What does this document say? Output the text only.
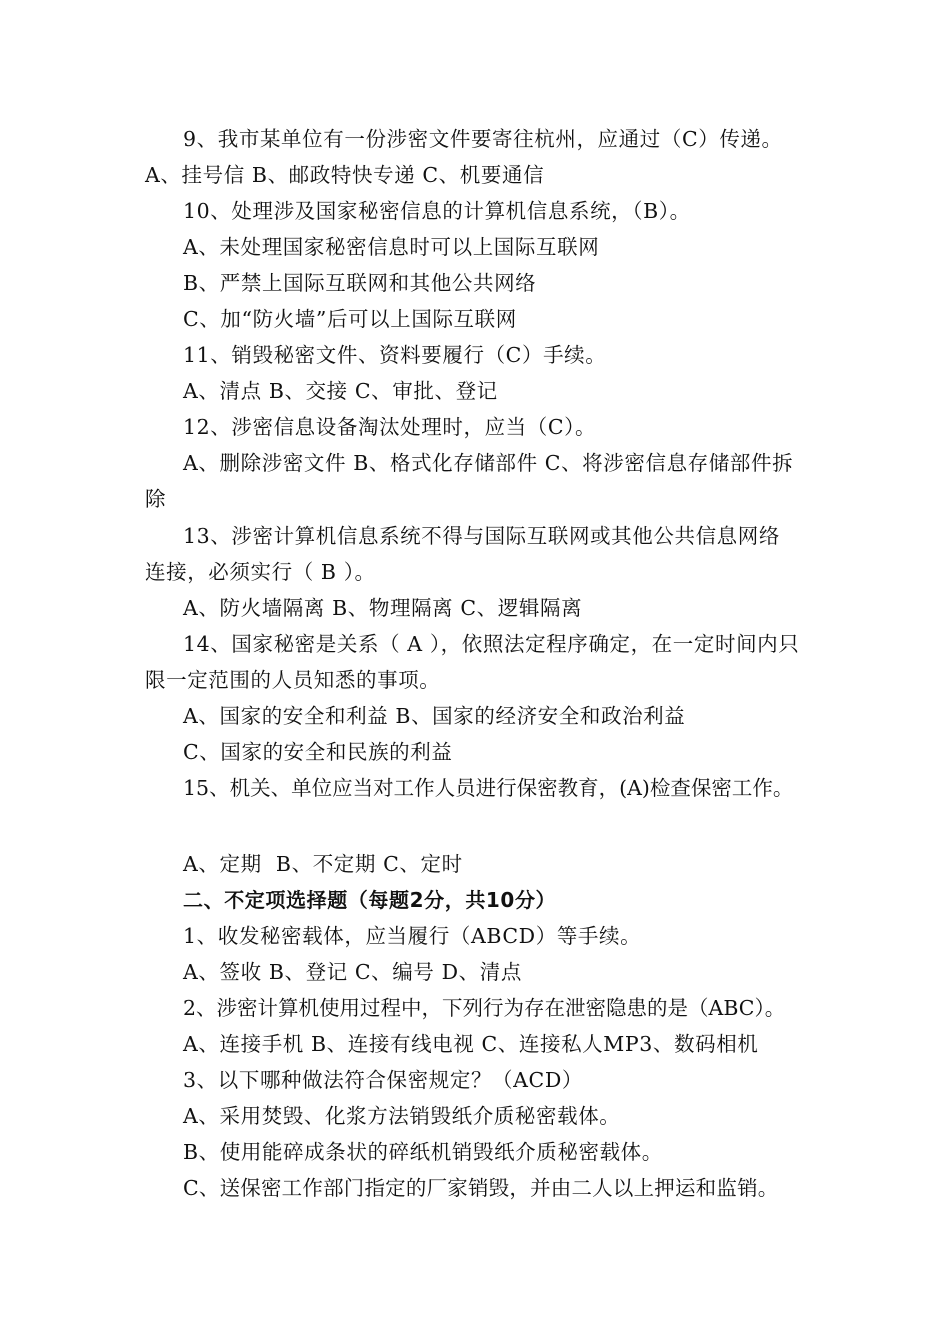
9、我市某单位有一份涉密文件要寄往杭州，应通过（C）传递。
A、挂号信 B、邮政特快专递 C、机要通信
10、处理涉及国家秘密信息的计算机信息系统，（B）。
A、未处理国家秘密信息时可以上国际互联网
B、严禁上国际互联网和其他公共网络
C、加“防火墙”后可以上国际互联网
11、销毁秘密文件、资料要履行（C）手续。
A、清点 B、交接 C、审批、登记
12、涉密信息设备淘汰处理时，应当（C）。
A、删除涉密文件 B、格式化存储部件 C、将涉密信息存储部件拆
除
13、涉密计算机信息系统不得与国际互联网或其他公共信息网络
连接，必须实行（ B ）。
A、防火墙隔离 B、物理隔离 C、逻辑隔离
14、国家秘密是关系（ A ），依照法定程序确定，在一定时间内只
限一定范围的人员知悉的事项。
A、国家的安全和利益 B、国家的经济安全和政治利益
C、国家的安全和民族的利益
15、机关、单位应当对工作人员进行保密教育，(A)检查保密工作。
A、定期  B、不定期 C、定时
二、不定项选择题（每题2分，共10分）
1、收发秘密载体，应当履行（ABCD）等手续。
A、签收 B、登记 C、编号 D、清点
2、涉密计算机使用过程中，下列行为存在泄密隐患的是（ABC）。
A、连接手机 B、连接有线电视 C、连接私人MP3、数码相机
3、以下哪种做法符合保密规定？（ACD）
A、采用焚毁、化浆方法销毁纸介质秘密载体。
B、使用能碎成条状的碎纸机销毁纸介质秘密载体。
C、送保密工作部门指定的厂家销毁，并由二人以上押运和监销。
